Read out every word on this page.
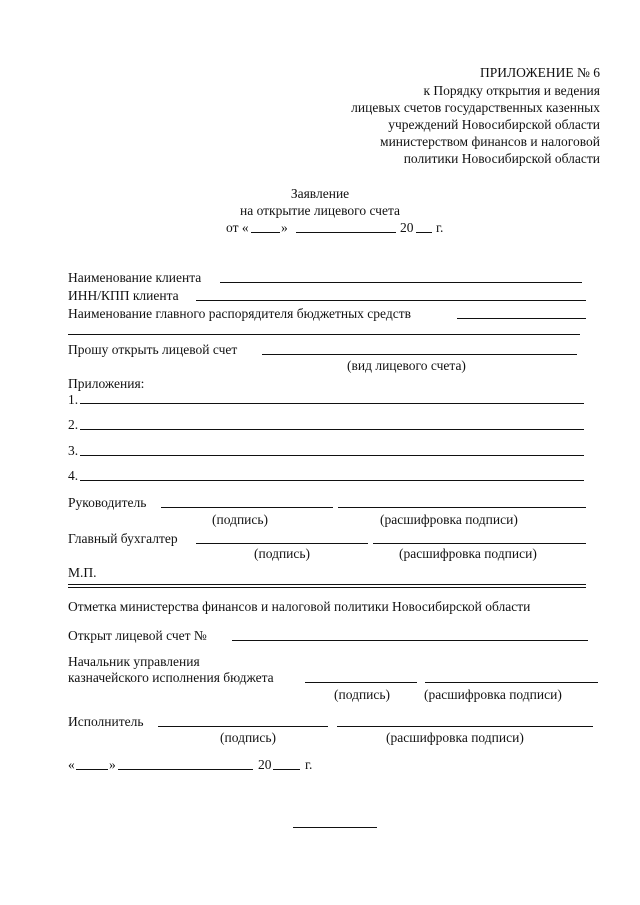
ПРИЛОЖЕНИЕ № 6
к Порядку открытия и ведения
лицевых счетов государственных казенных
учреждений Новосибирской области
министерством финансов и налоговой
политики Новосибирской области
Заявление
на открытие лицевого счета
от « »	20 г.
Наименование клиента
ИНН/КПП клиента
Наименование главного распорядителя бюджетных средств
Прошу открыть лицевой счет
(вид лицевого счета)
Приложения:
1.
2.
3.
4.
Руководитель
(подпись)	(расшифровка подписи)
Главный бухгалтер
(подпись)	(расшифровка подписи)
М.П.
Отметка министерства финансов и налоговой политики Новосибирской области
Открыт лицевой счет №
Начальник управления
казначейского исполнения бюджета
(подпись)	(расшифровка подписи)
Исполнитель
(подпись)	(расшифровка подписи)
«	»	20 г.
